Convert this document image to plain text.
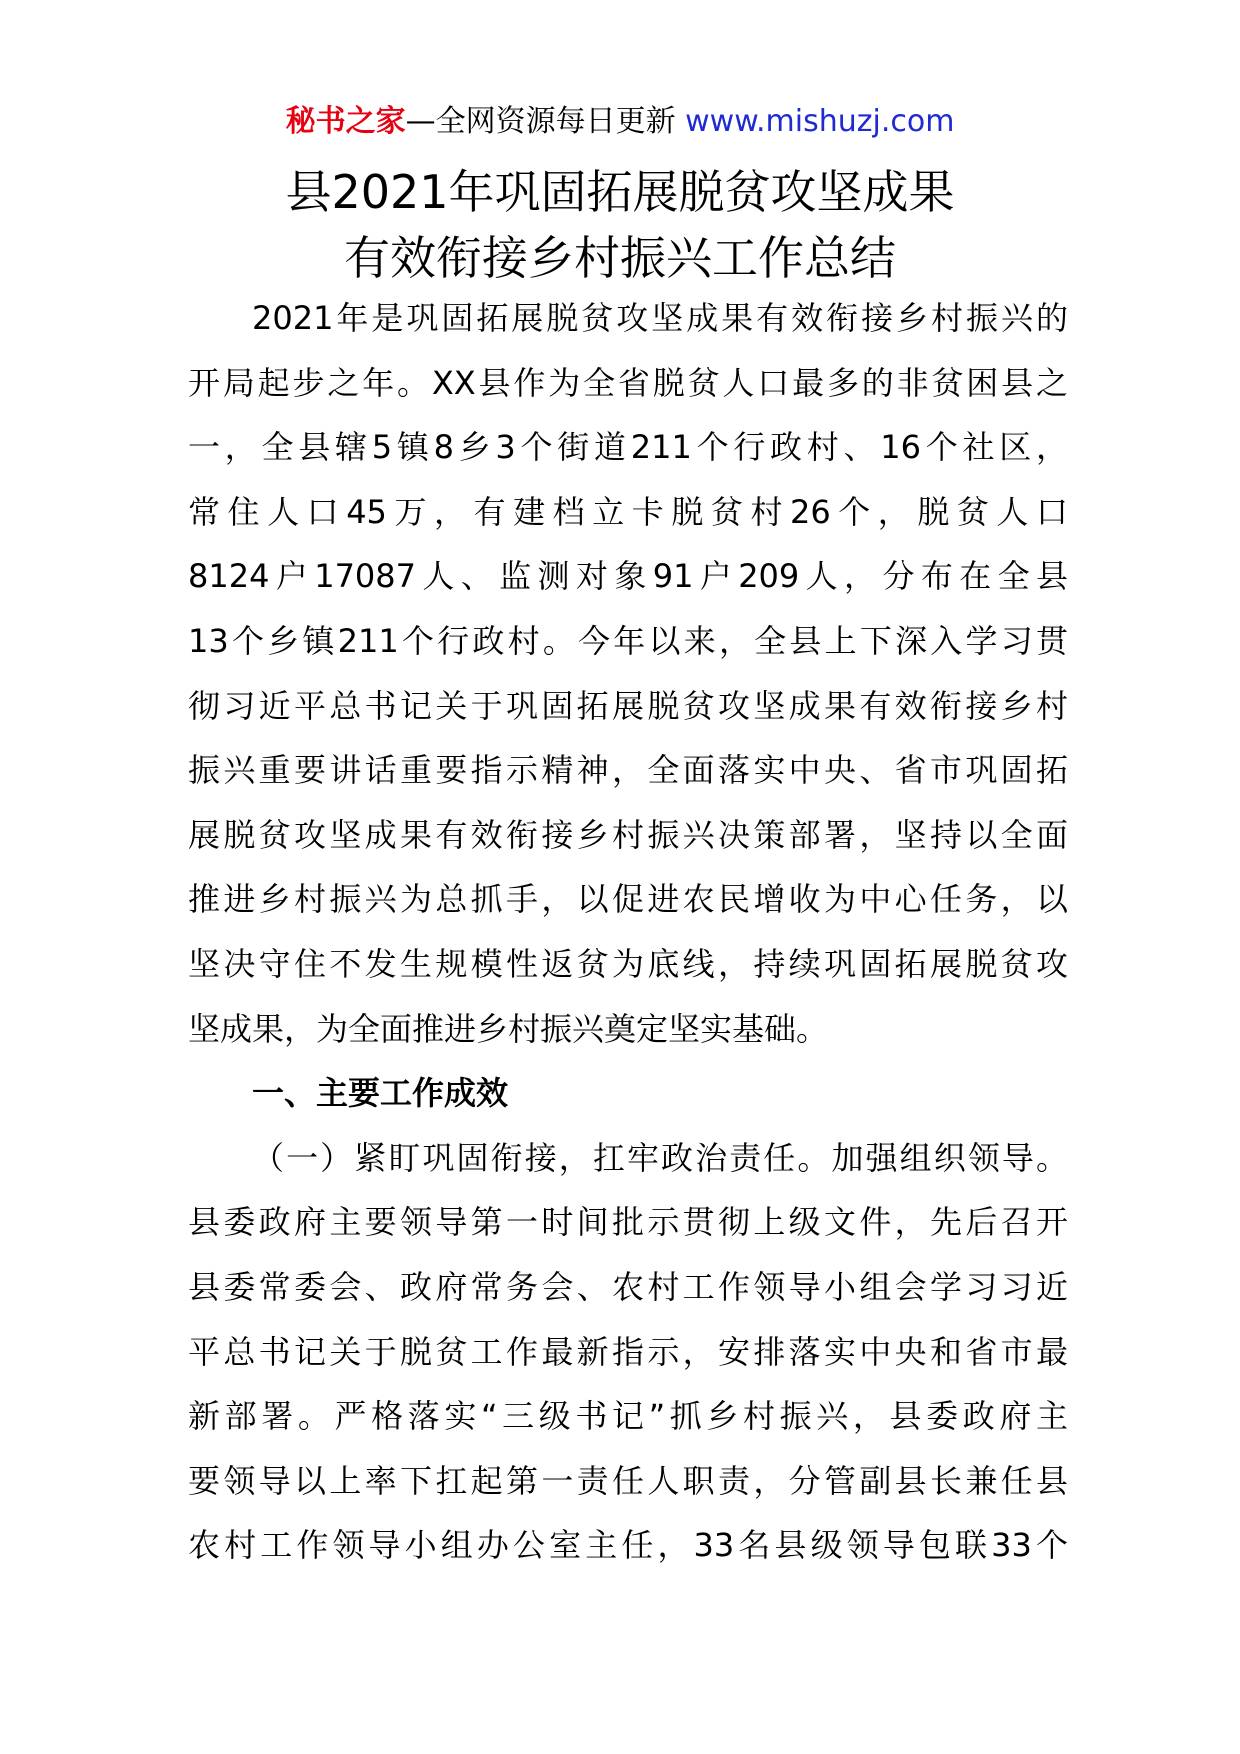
秘书之家—全网资源每日更新 www.mishuzj.com
县2021年巩固拓展脱贫攻坚成果
有效衔接乡村振兴工作总结
2021年是巩固拓展脱贫攻坚成果有效衔接乡村振兴的
开局起步之年。XX县作为全省脱贫人口最多的非贫困县之
一，全县辖5镇8乡3个街道211个行政村、16个社区，
常住人口45万，有建档立卡脱贫村26个，脱贫人口
8124户17087人、监测对象91户209人，分布在全县
13个乡镇211个行政村。今年以来，全县上下深入学习贯
彻习近平总书记关于巩固拓展脱贫攻坚成果有效衔接乡村
振兴重要讲话重要指示精神，全面落实中央、省市巩固拓
展脱贫攻坚成果有效衔接乡村振兴决策部署，坚持以全面
推进乡村振兴为总抓手，以促进农民增收为中心任务，以
坚决守住不发生规模性返贫为底线，持续巩固拓展脱贫攻
坚成果，为全面推进乡村振兴奠定坚实基础。
一、主要工作成效
（一）紧盯巩固衔接，扛牢政治责任。加强组织领导。
县委政府主要领导第一时间批示贯彻上级文件，先后召开
县委常委会、政府常务会、农村工作领导小组会学习习近
平总书记关于脱贫工作最新指示，安排落实中央和省市最
新部署。严格落实“三级书记”抓乡村振兴，县委政府主
要领导以上率下扛起第一责任人职责，分管副县长兼任县
农村工作领导小组办公室主任，33名县级领导包联33个
